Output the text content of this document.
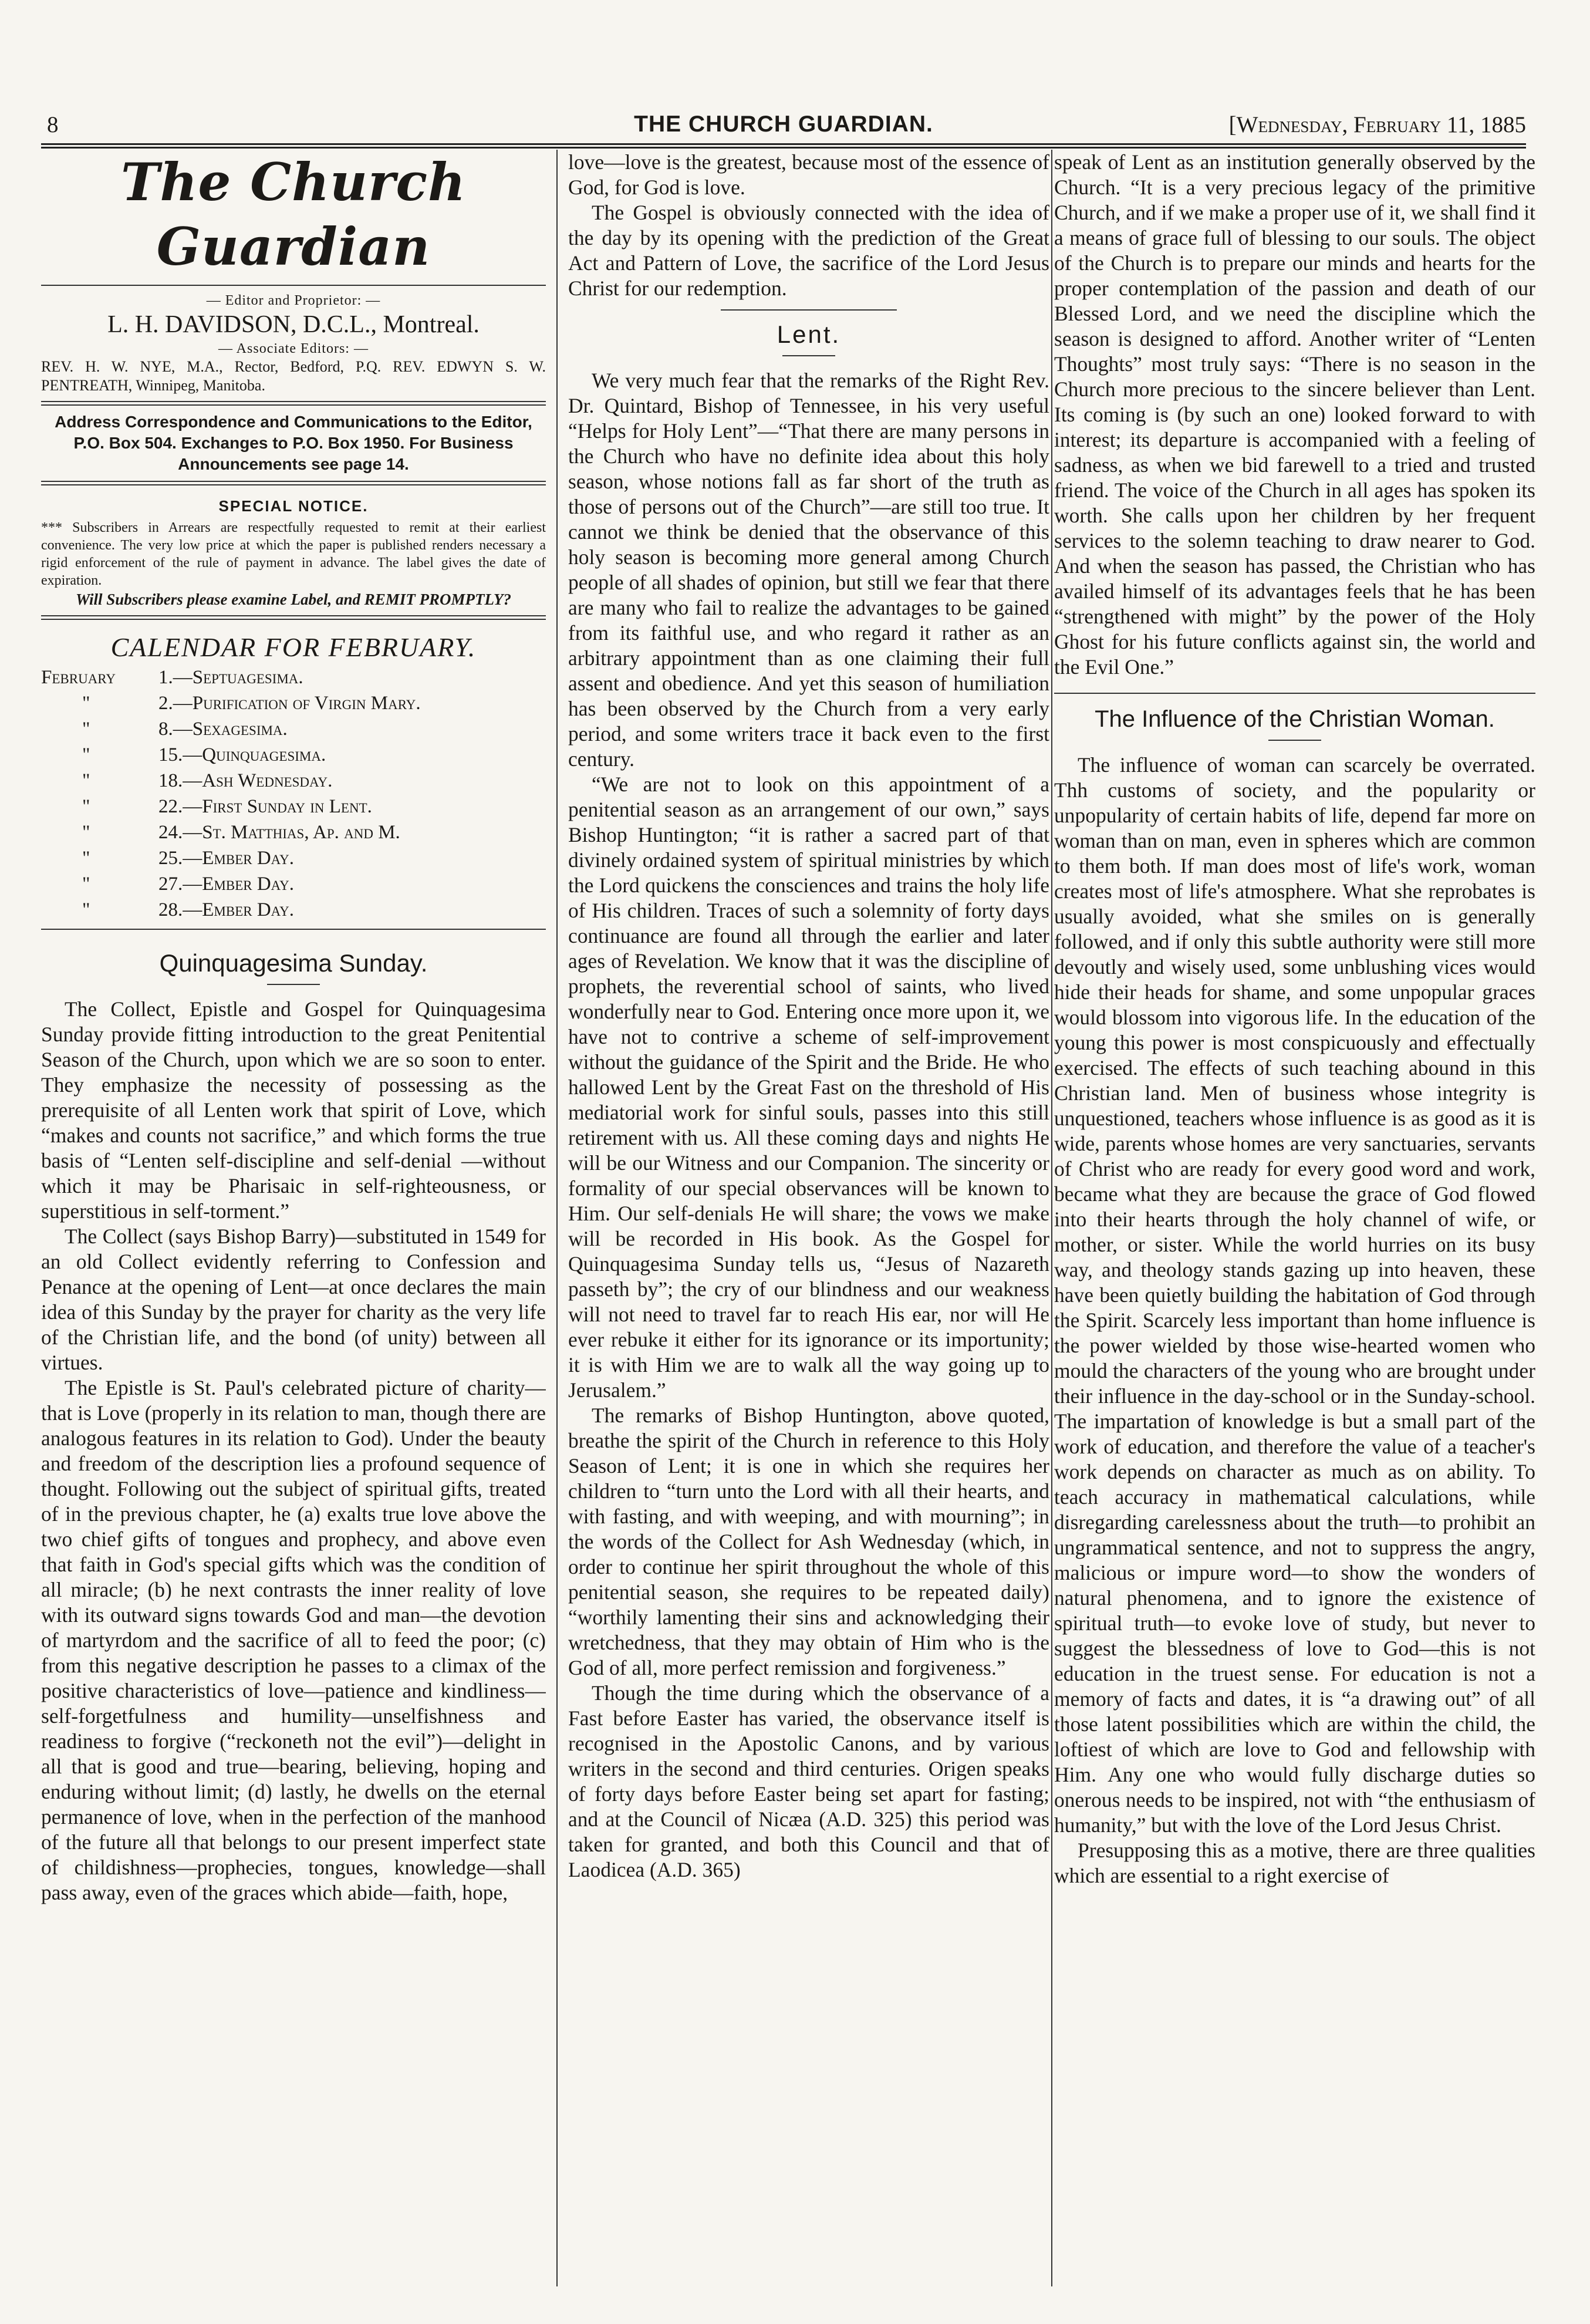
8	THE CHURCH GUARDIAN.	[Wednesday, February 11, 1885
The Church Guardian
— Editor and Proprietor: —
L. H. DAVIDSON, D.C.L., Montreal.
— Associate Editors: —
REV. H. W. NYE, M.A., Rector, Bedford, P.Q. REV. EDWYN S. W. PENTREATH, Winnipeg, Manitoba.
Address Correspondence and Communications to the Editor, P.O. Box 504. Exchanges to P.O. Box 1950. For Business Announcements see page 14.
SPECIAL NOTICE.
*** Subscribers in Arrears are respectfully requested to remit at their earliest convenience. The very low price at which the paper is published renders necessary a rigid enforcement of the rule of payment in advance. The label gives the date of expiration.
Will Subscribers please examine Label, and REMIT PROMPTLY?
CALENDAR FOR FEBRUARY.
February	1.—Septuagesima.
"	2.—Purification of Virgin Mary.
"	8.—Sexagesima.
"	15.—Quinquagesima.
"	18.—Ash Wednesday.
"	22.—First Sunday in Lent.
"	24.—St. Matthias, Ap. and M.
"	25.—Ember Day.
"	27.—Ember Day.
"	28.—Ember Day.
Quinquagesima Sunday.

The Collect, Epistle and Gospel for Quinquagesima Sunday provide fitting introduction to the great Penitential Season of the Church, upon which we are so soon to enter. They emphasize the necessity of possessing as the prerequisite of all Lenten work that spirit of Love, which “makes and counts not sacrifice,” and which forms the true basis of “Lenten self-discipline and self-denial —without which it may be Pharisaic in self-righteousness, or superstitious in self-torment.”

The Collect (says Bishop Barry)—substituted in 1549 for an old Collect evidently referring to Confession and Penance at the opening of Lent—at once declares the main idea of this Sunday by the prayer for charity as the very life of the Christian life, and the bond (of unity) between all virtues.

The Epistle is St. Paul's celebrated picture of charity—that is Love (properly in its relation to man, though there are analogous features in its relation to God). Under the beauty and freedom of the description lies a profound sequence of thought. Following out the subject of spiritual gifts, treated of in the previous chapter, he (a) exalts true love above the two chief gifts of tongues and prophecy, and above even that faith in God's special gifts which was the condition of all miracle; (b) he next contrasts the inner reality of love with its outward signs towards God and man—the devotion of martyrdom and the sacrifice of all to feed the poor; (c) from this negative description he passes to a climax of the positive characteristics of love—patience and kindliness—self-forgetfulness and humility—unselfishness and readiness to forgive (“reckoneth not the evil”)—delight in all that is good and true—bearing, believing, hoping and enduring without limit; (d) lastly, he dwells on the eternal permanence of love, when in the perfection of the manhood of the future all that belongs to our present imperfect state of childishness—prophecies, tongues, knowledge—shall pass away, even of the graces which abide—faith, hope,

love—love is the greatest, because most of the essence of God, for God is love.

The Gospel is obviously connected with the idea of the day by its opening with the prediction of the Great Act and Pattern of Love, the sacrifice of the Lord Jesus Christ for our redemption.

Lent.

We very much fear that the remarks of the Right Rev. Dr. Quintard, Bishop of Tennessee, in his very useful “Helps for Holy Lent”—“That there are many persons in the Church who have no definite idea about this holy season, whose notions fall as far short of the truth as those of persons out of the Church”—are still too true. It cannot we think be denied that the observance of this holy season is becoming more general among Church people of all shades of opinion, but still we fear that there are many who fail to realize the advantages to be gained from its faithful use, and who regard it rather as an arbitrary appointment than as one claiming their full assent and obedience. And yet this season of humiliation has been observed by the Church from a very early period, and some writers trace it back even to the first century.

“We are not to look on this appointment of a penitential season as an arrangement of our own,” says Bishop Huntington; “it is rather a sacred part of that divinely ordained system of spiritual ministries by which the Lord quickens the consciences and trains the holy life of His children. Traces of such a solemnity of forty days continuance are found all through the earlier and later ages of Revelation. We know that it was the discipline of prophets, the reverential school of saints, who lived wonderfully near to God. Entering once more upon it, we have not to contrive a scheme of self-improvement without the guidance of the Spirit and the Bride. He who hallowed Lent by the Great Fast on the threshold of His mediatorial work for sinful souls, passes into this still retirement with us. All these coming days and nights He will be our Witness and our Companion. The sincerity or formality of our special observances will be known to Him. Our self-denials He will share; the vows we make will be recorded in His book. As the Gospel for Quinquagesima Sunday tells us, “Jesus of Nazareth passeth by”; the cry of our blindness and our weakness will not need to travel far to reach His ear, nor will He ever rebuke it either for its ignorance or its importunity; it is with Him we are to walk all the way going up to Jerusalem.”

The remarks of Bishop Huntington, above quoted, breathe the spirit of the Church in reference to this Holy Season of Lent; it is one in which she requires her children to “turn unto the Lord with all their hearts, and with fasting, and with weeping, and with mourning”; in the words of the Collect for Ash Wednesday (which, in order to continue her spirit throughout the whole of this penitential season, she requires to be repeated daily) “worthily lamenting their sins and acknowledging their wretchedness, that they may obtain of Him who is the God of all, more perfect remission and forgiveness.”

Though the time during which the observance of a Fast before Easter has varied, the observance itself is recognised in the Apostolic Canons, and by various writers in the second and third centuries. Origen speaks of forty days before Easter being set apart for fasting; and at the Council of Nicæa (A.D. 325) this period was taken for granted, and both this Council and that of Laodicea (A.D. 365)

speak of Lent as an institution generally observed by the Church. “It is a very precious legacy of the primitive Church, and if we make a proper use of it, we shall find it a means of grace full of blessing to our souls. The object of the Church is to prepare our minds and hearts for the proper contemplation of the passion and death of our Blessed Lord, and we need the discipline which the season is designed to afford. Another writer of “Lenten Thoughts” most truly says: “There is no season in the Church more precious to the sincere believer than Lent. Its coming is (by such an one) looked forward to with interest; its departure is accompanied with a feeling of sadness, as when we bid farewell to a tried and trusted friend. The voice of the Church in all ages has spoken its worth. She calls upon her children by her frequent services to the solemn teaching to draw nearer to God. And when the season has passed, the Christian who has availed himself of its advantages feels that he has been “strengthened with might” by the power of the Holy Ghost for his future conflicts against sin, the world and the Evil One.”

The Influence of the Christian Woman.

The influence of woman can scarcely be overrated. Thh customs of society, and the popularity or unpopularity of certain habits of life, depend far more on woman than on man, even in spheres which are common to them both. If man does most of life's work, woman creates most of life's atmosphere. What she reprobates is usually avoided, what she smiles on is generally followed, and if only this subtle authority were still more devoutly and wisely used, some unblushing vices would hide their heads for shame, and some unpopular graces would blossom into vigorous life. In the education of the young this power is most conspicuously and effectually exercised. The effects of such teaching abound in this Christian land. Men of business whose integrity is unquestioned, teachers whose influence is as good as it is wide, parents whose homes are very sanctuaries, servants of Christ who are ready for every good word and work, became what they are because the grace of God flowed into their hearts through the holy channel of wife, or mother, or sister. While the world hurries on its busy way, and theology stands gazing up into heaven, these have been quietly building the habitation of God through the Spirit. Scarcely less important than home influence is the power wielded by those wise-hearted women who mould the characters of the young who are brought under their influence in the day-school or in the Sunday-school. The impartation of knowledge is but a small part of the work of education, and therefore the value of a teacher's work depends on character as much as on ability. To teach accuracy in mathematical calculations, while disregarding carelessness about the truth—to prohibit an ungrammatical sentence, and not to suppress the angry, malicious or impure word—to show the wonders of natural phenomena, and to ignore the existence of spiritual truth—to evoke love of study, but never to suggest the blessedness of love to God—this is not education in the truest sense. For education is not a memory of facts and dates, it is “a drawing out” of all those latent possibilities which are within the child, the loftiest of which are love to God and fellowship with Him. Any one who would fully discharge duties so onerous needs to be inspired, not with “the enthusiasm of humanity,” but with the love of the Lord Jesus Christ.

Presupposing this as a motive, there are three qualities which are essential to a right exercise of
